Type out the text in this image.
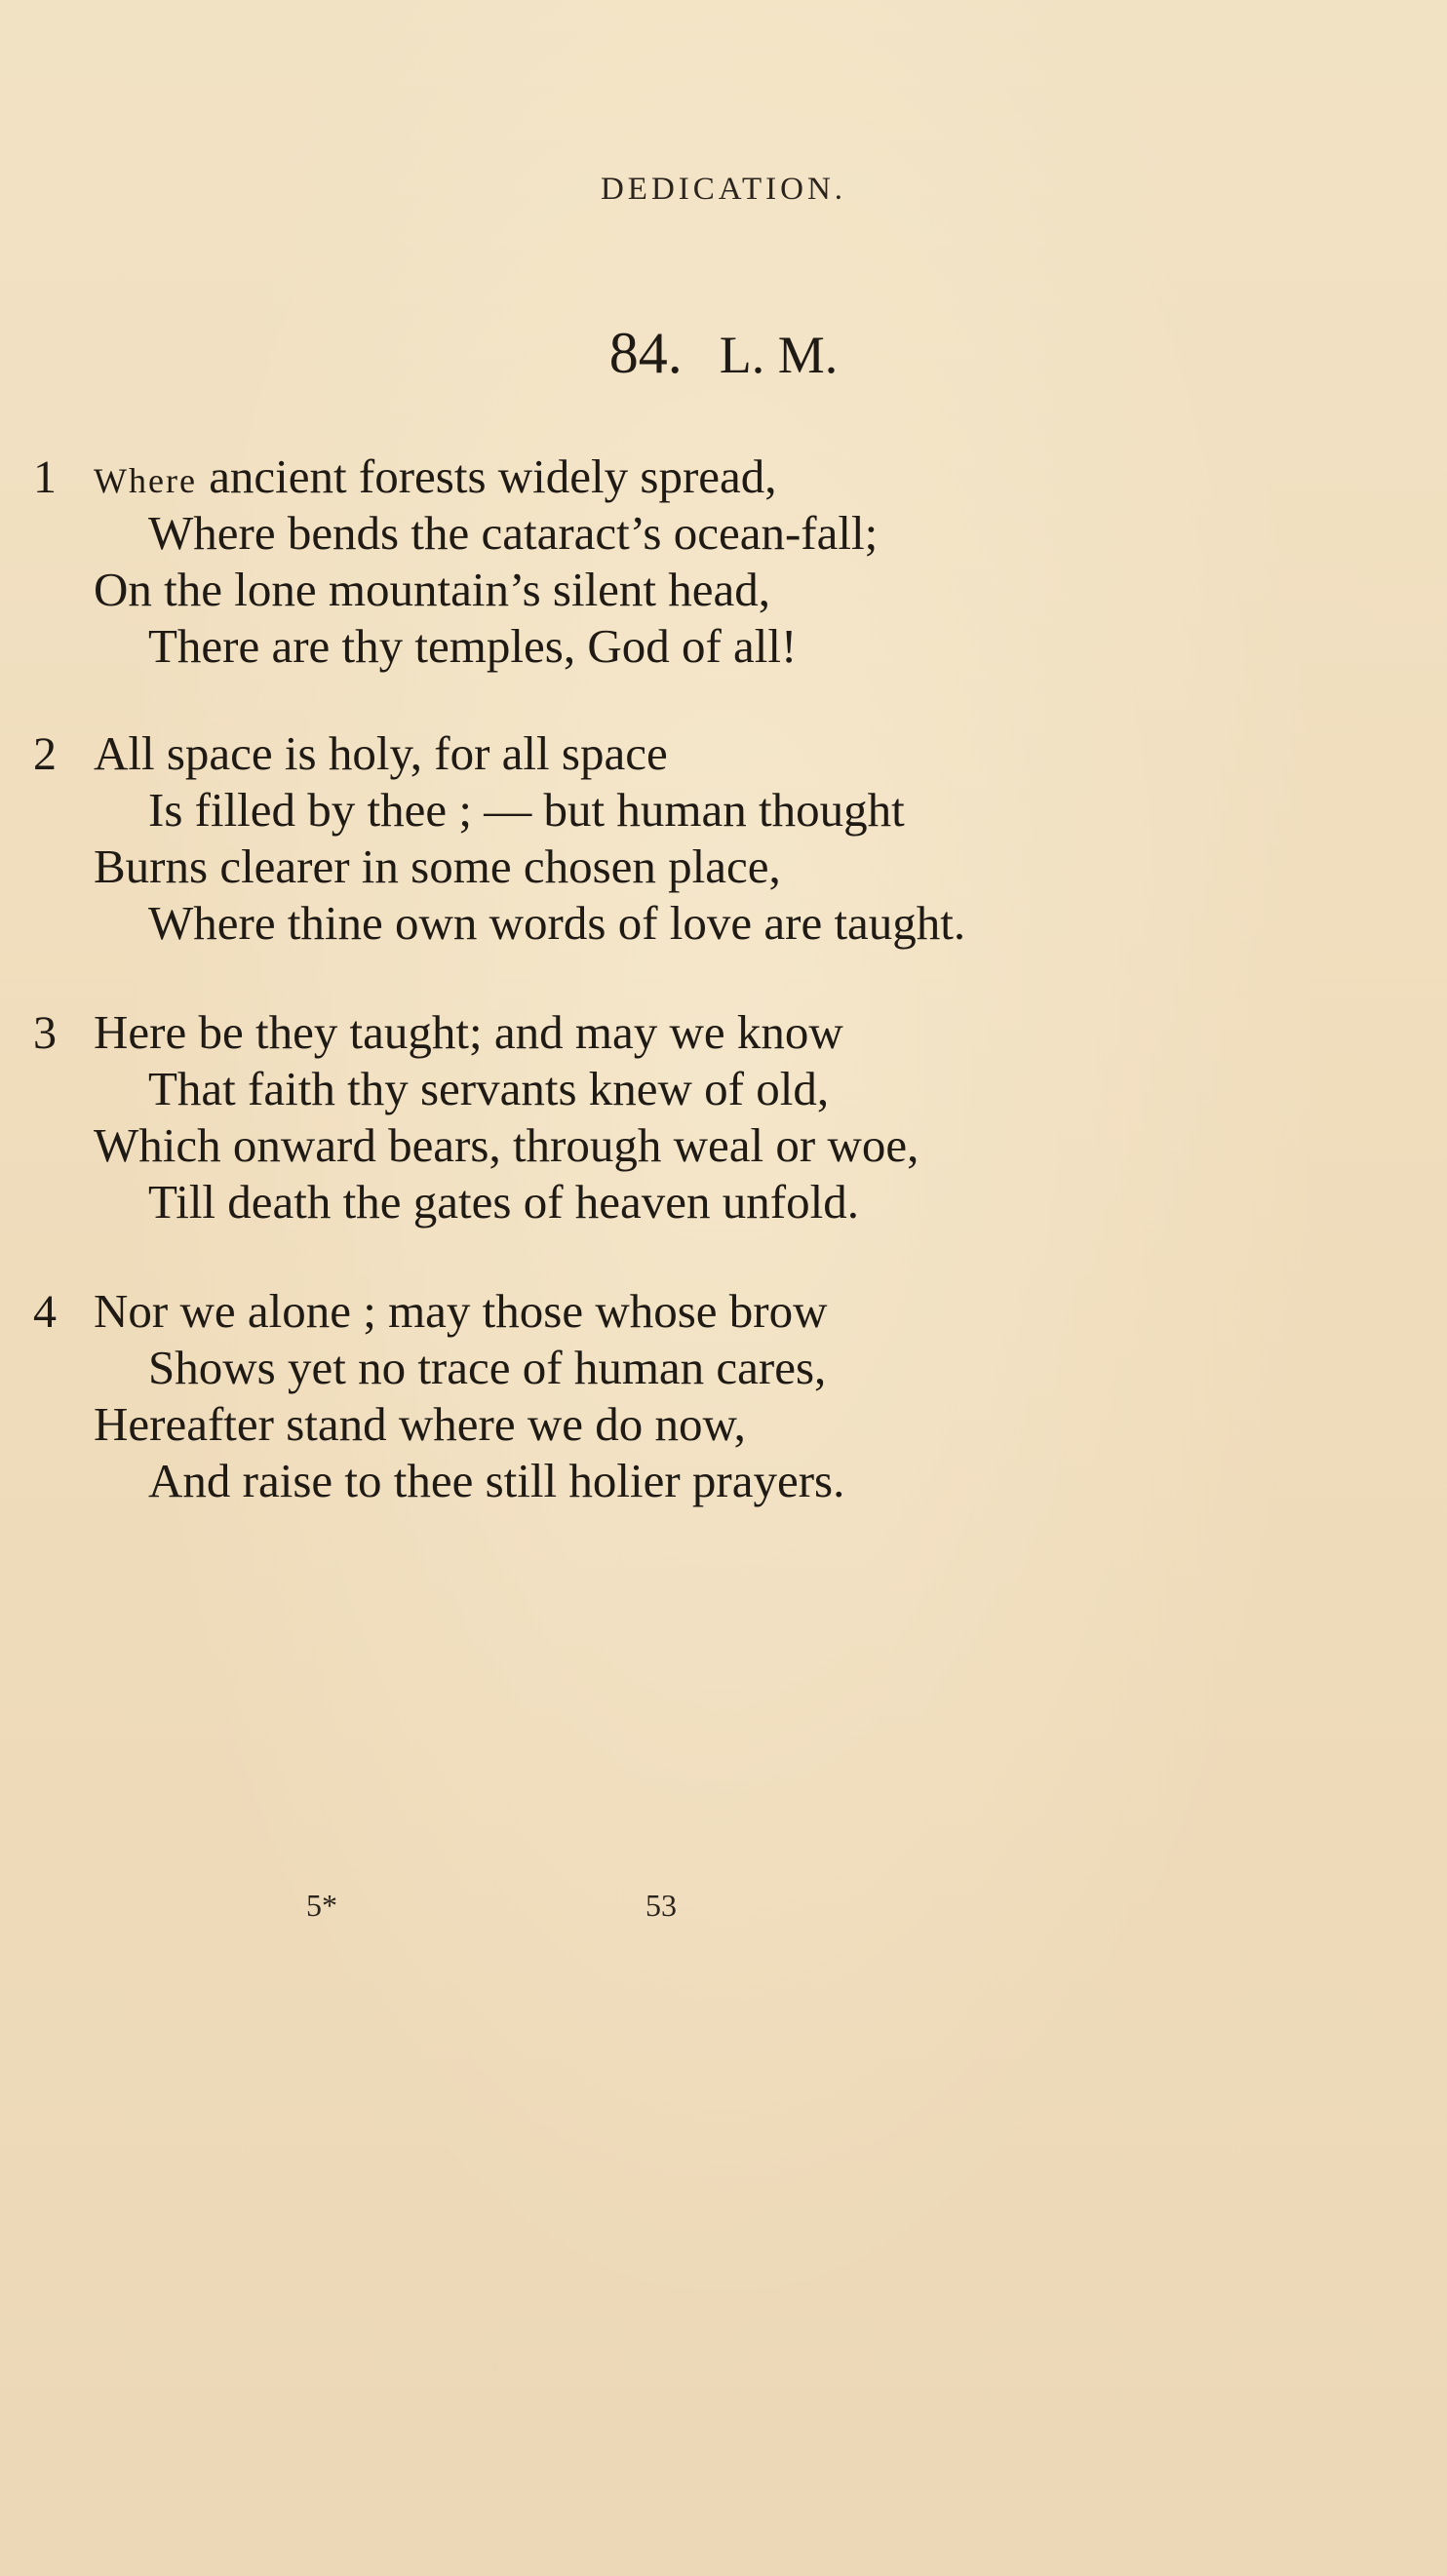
DEDICATION.
84. L. M.
1 Where ancient forests widely spread,
Where bends the cataract’s ocean-fall;
On the lone mountain’s silent head,
There are thy temples, God of all!
2 All space is holy, for all space
Is filled by thee ; — but human thought
Burns clearer in some chosen place,
Where thine own words of love are taught.
3 Here be they taught; and may we know
That faith thy servants knew of old,
Which onward bears, through weal or woe,
Till death the gates of heaven unfold.
4 Nor we alone ; may those whose brow
Shows yet no trace of human cares,
Hereafter stand where we do now,
And raise to thee still holier prayers.
5*	53
